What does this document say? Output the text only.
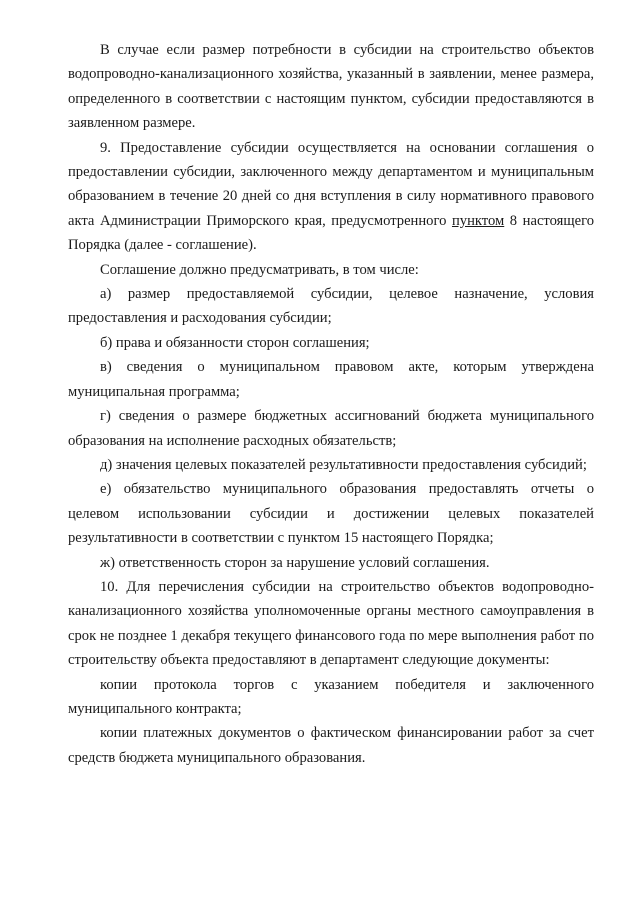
В случае если размер потребности в субсидии на строительство объектов водопроводно-канализационного хозяйства, указанный в заявлении, менее размера, определенного в соответствии с настоящим пунктом, субсидии предоставляются в заявленном размере.

9. Предоставление субсидии осуществляется на основании соглашения о предоставлении субсидии, заключенного между департаментом и муниципальным образованием в течение 20 дней со дня вступления в силу нормативного правового акта Администрации Приморского края, предусмотренного пунктом 8 настоящего Порядка (далее - соглашение).

Соглашение должно предусматривать, в том числе:

а) размер предоставляемой субсидии, целевое назначение, условия предоставления и расходования субсидии;

б) права и обязанности сторон соглашения;

в) сведения о муниципальном правовом акте, которым утверждена муниципальная программа;

г) сведения о размере бюджетных ассигнований бюджета муниципального образования на исполнение расходных обязательств;

д) значения целевых показателей результативности предоставления субсидий;

е) обязательство муниципального образования предоставлять отчеты о целевом использовании субсидии и достижении целевых показателей результативности в соответствии с пунктом 15 настоящего Порядка;

ж) ответственность сторон за нарушение условий соглашения.

10. Для перечисления субсидии на строительство объектов водопроводно-канализационного хозяйства уполномоченные органы местного самоуправления в срок не позднее 1 декабря текущего финансового года по мере выполнения работ по строительству объекта предоставляют в департамент следующие документы:

копии протокола торгов с указанием победителя и заключенного муниципального контракта;

копии платежных документов о фактическом финансировании работ за счет средств бюджета муниципального образования.
